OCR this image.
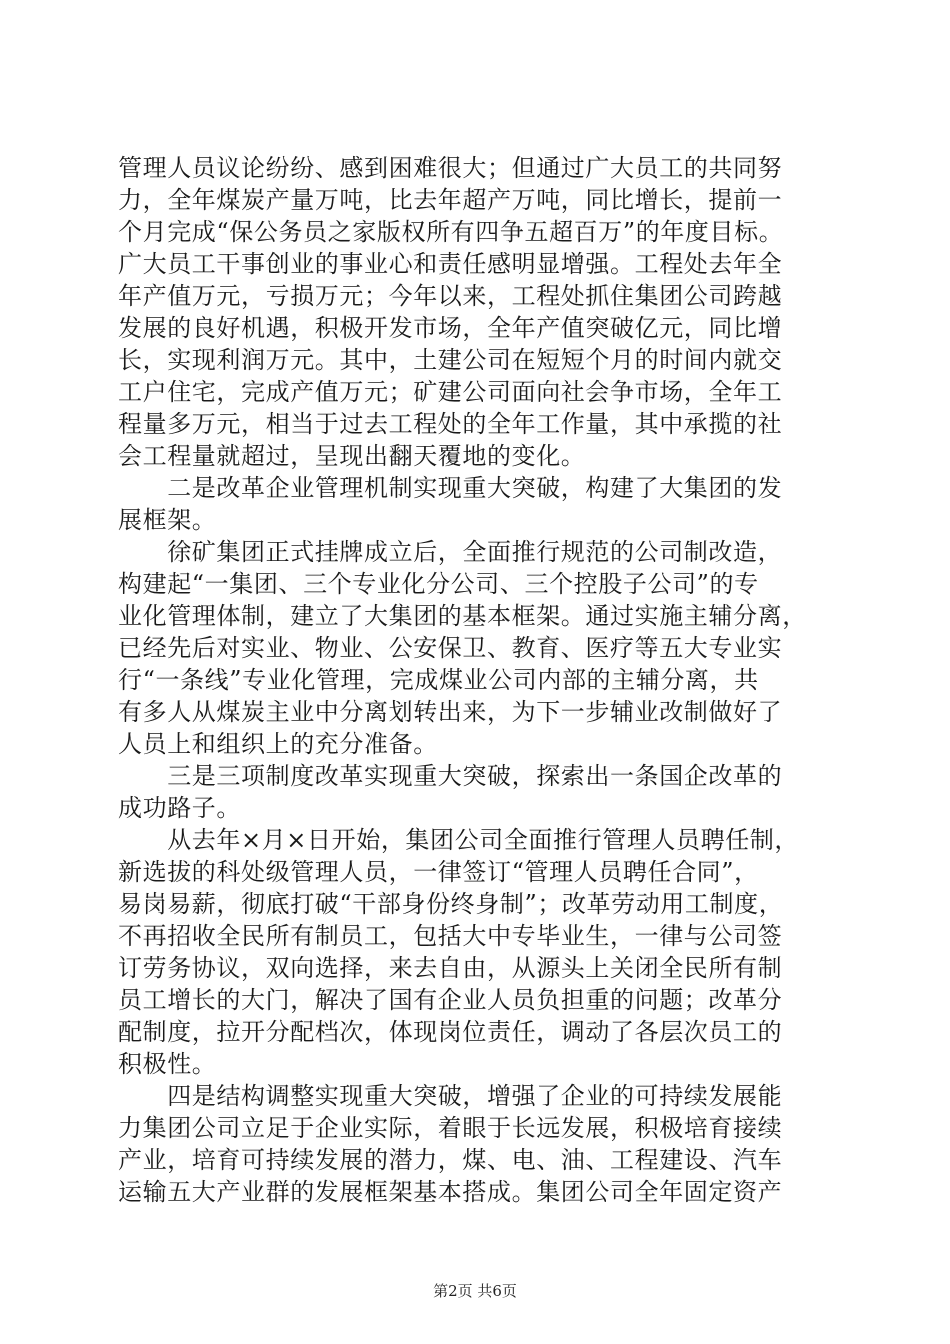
管理人员议论纷纷、感到困难很大；但通过广大员工的共同努
力，全年煤炭产量万吨，比去年超产万吨，同比增长，提前一
个月完成“保公务员之家版权所有四争五超百万”的年度目标。
广大员工干事创业的事业心和责任感明显增强。工程处去年全
年产值万元，亏损万元；今年以来，工程处抓住集团公司跨越
发展的良好机遇，积极开发市场，全年产值突破亿元，同比增
长，实现利润万元。其中，土建公司在短短个月的时间内就交
工户住宅，完成产值万元；矿建公司面向社会争市场，全年工
程量多万元，相当于过去工程处的全年工作量，其中承揽的社
会工程量就超过，呈现出翻天覆地的变化。
　　二是改革企业管理机制实现重大突破，构建了大集团的发
展框架。
　　徐矿集团正式挂牌成立后，全面推行规范的公司制改造，
构建起“一集团、三个专业化分公司、三个控股子公司”的专
业化管理体制，建立了大集团的基本框架。通过实施主辅分离，
已经先后对实业、物业、公安保卫、教育、医疗等五大专业实
行“一条线”专业化管理，完成煤业公司内部的主辅分离，共
有多人从煤炭主业中分离划转出来，为下一步辅业改制做好了
人员上和组织上的充分准备。
　　三是三项制度改革实现重大突破，探索出一条国企改革的
成功路子。
　　从去年×月×日开始，集团公司全面推行管理人员聘任制，
新选拔的科处级管理人员，一律签订“管理人员聘任合同”，
易岗易薪，彻底打破“干部身份终身制”；改革劳动用工制度，
不再招收全民所有制员工，包括大中专毕业生，一律与公司签
订劳务协议，双向选择，来去自由，从源头上关闭全民所有制
员工增长的大门，解决了国有企业人员负担重的问题；改革分
配制度，拉开分配档次，体现岗位责任，调动了各层次员工的
积极性。
　　四是结构调整实现重大突破，增强了企业的可持续发展能
力集团公司立足于企业实际，着眼于长远发展，积极培育接续
产业，培育可持续发展的潜力，煤、电、油、工程建设、汽车
运输五大产业群的发展框架基本搭成。集团公司全年固定资产
第2页 共6页
